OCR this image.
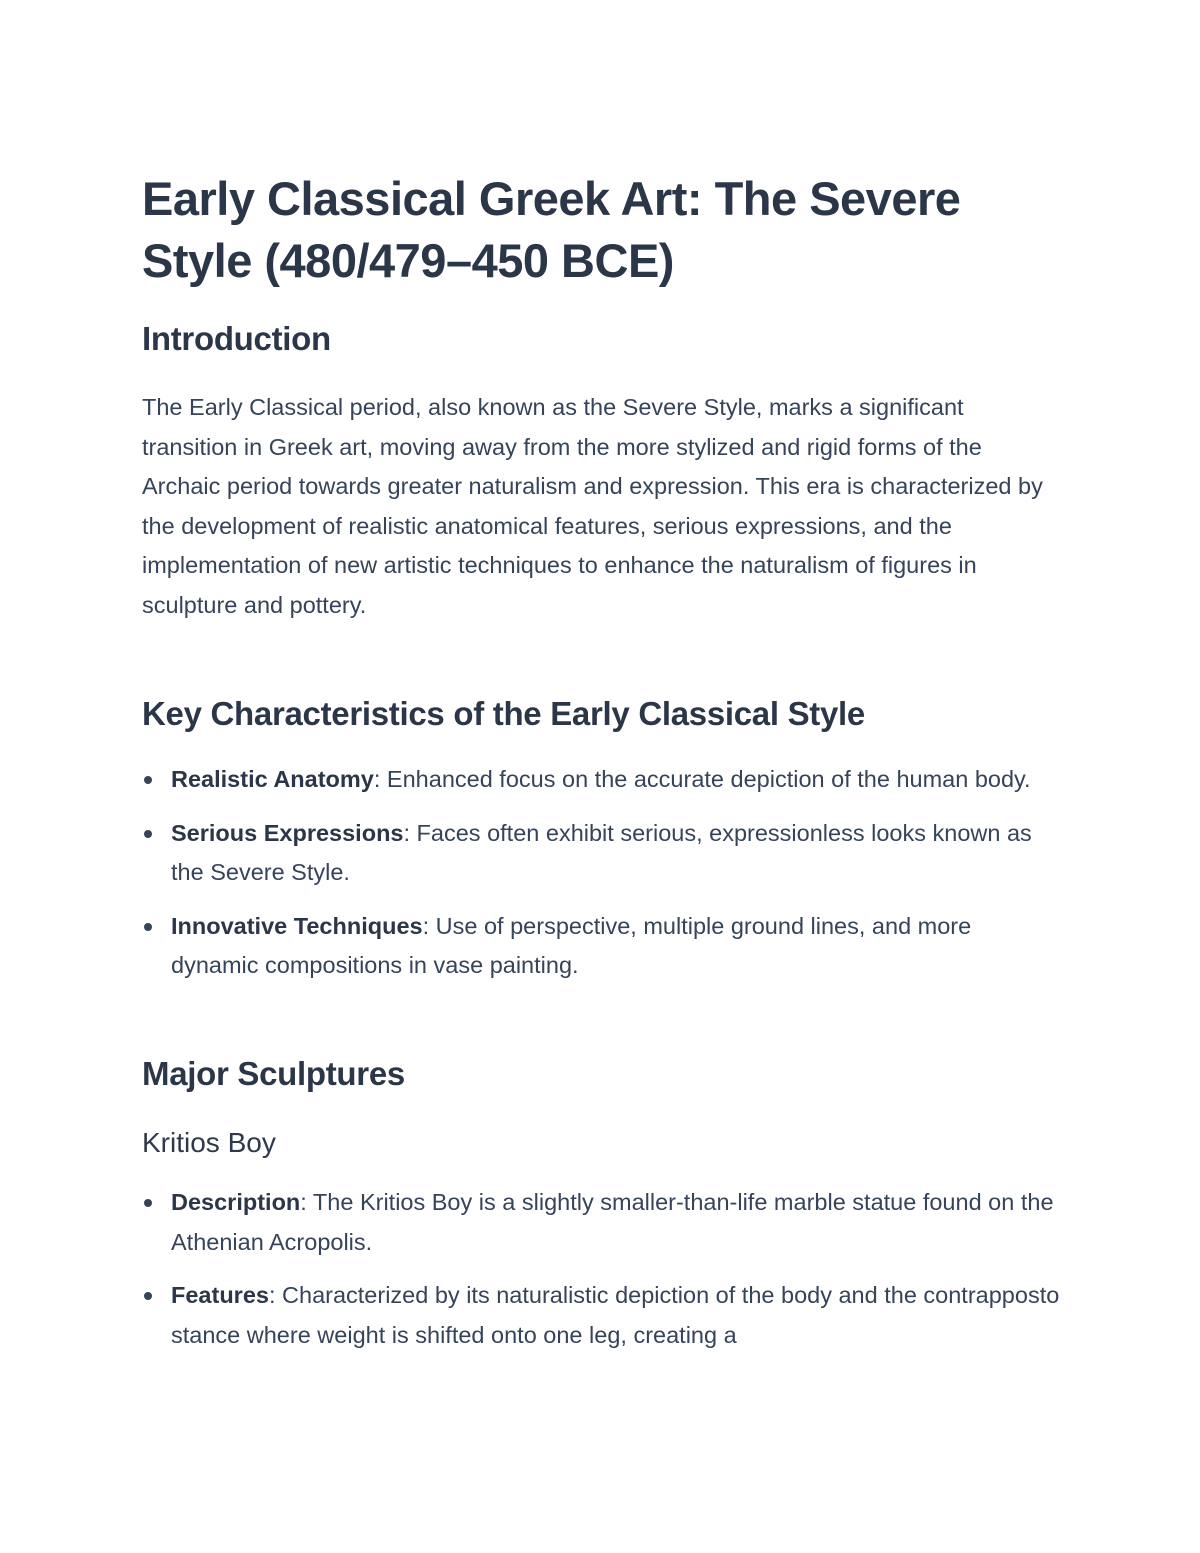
Early Classical Greek Art: The Severe Style (480/479–450 BCE)
Introduction

The Early Classical period, also known as the Severe Style, marks a significant transition in Greek art, moving away from the more stylized and rigid forms of the Archaic period towards greater naturalism and expression. This era is characterized by the development of realistic anatomical features, serious expressions, and the implementation of new artistic techniques to enhance the naturalism of figures in sculpture and pottery.

Key Characteristics of the Early Classical Style
Realistic Anatomy: Enhanced focus on the accurate depiction of the human body.
Serious Expressions: Faces often exhibit serious, expressionless looks known as the Severe Style.
Innovative Techniques: Use of perspective, multiple ground lines, and more dynamic compositions in vase painting.
Major Sculptures
Kritios Boy
Description: The Kritios Boy is a slightly smaller-than-life marble statue found on the Athenian Acropolis.
Features: Characterized by its naturalistic depiction of the body and the contrapposto stance where weight is shifted onto one leg, creating a
